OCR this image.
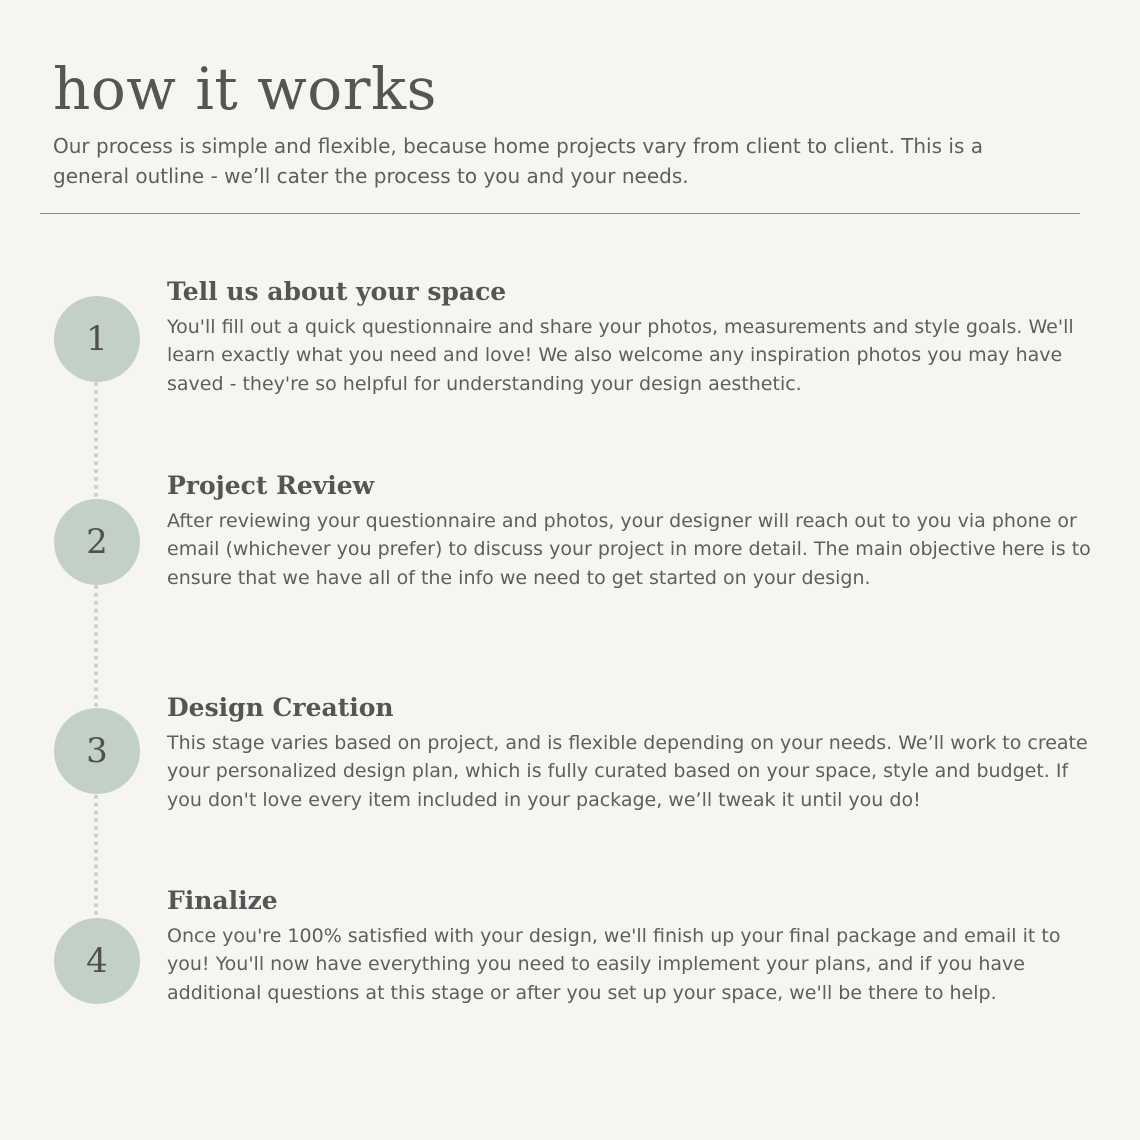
how it works

Our process is simple and flexible, because home projects vary from client to client. This is a general outline - we’ll cater the process to you and your needs.

1
Tell us about your space

You'll fill out a quick questionnaire and share your photos, measurements and style goals. We'll learn exactly what you need and love! We also welcome any inspiration photos you may have saved - they're so helpful for understanding your design aesthetic.

2
Project Review

After reviewing your questionnaire and photos, your designer will reach out to you via phone or email (whichever you prefer) to discuss your project in more detail. The main objective here is to ensure that we have all of the info we need to get started on your design.

3
Design Creation

This stage varies based on project, and is flexible depending on your needs. We’ll work to create your personalized design plan, which is fully curated based on your space, style and budget. If you don't love every item included in your package, we’ll tweak it until you do!

4
Finalize

Once you're 100% satisfied with your design, we'll finish up your final package and email it to you! You'll now have everything you need to easily implement your plans, and if you have additional questions at this stage or after you set up your space, we'll be there to help.
